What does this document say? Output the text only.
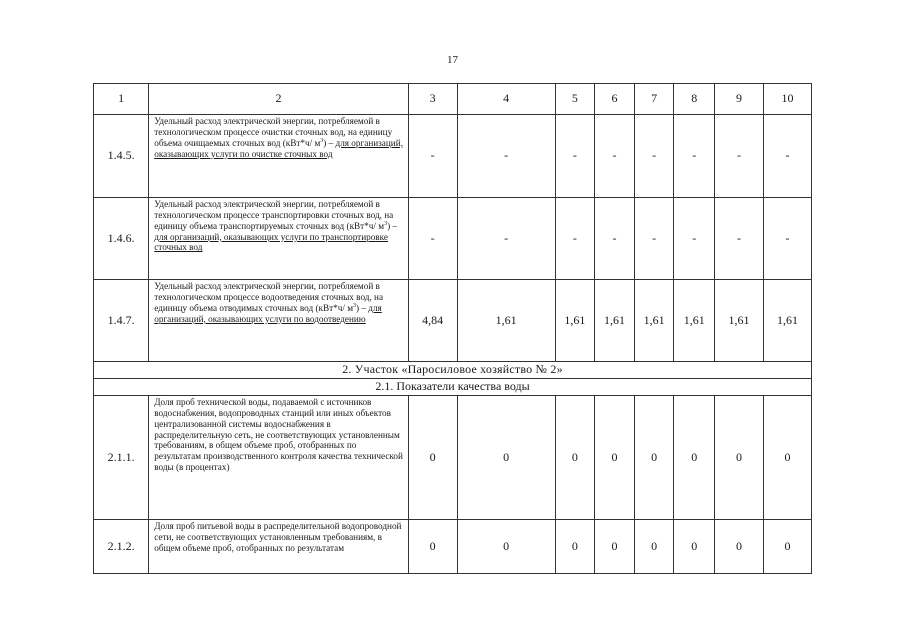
17
1	2	3	4	5	6	7	8	9	10
1.4.5.	Удельный расход электрической энергии, потребляемой в технологическом процессе очистки сточных вод, на единицу объема очищаемых сточных вод (кВт*ч/ $м^3$) – для организаций, оказывающих услуги по очистке сточных вод	-	-	-	-	-	-	-	-
1.4.6.	Удельный расход электрической энергии, потребляемой в технологическом процессе транспортировки сточных вод, на единицу объема транспортируемых сточных вод (кВт*ч/ $м^3$) – для организаций, оказывающих услуги по транспортировке сточных вод	-	-	-	-	-	-	-	-
1.4.7.	Удельный расход электрической энергии, потребляемой в технологическом процессе водоотведения сточных вод, на единицу объема отводимых сточных вод (кВт*ч/ $м^3$) – для организаций, оказывающих услуги по водоотведению	4,84	1,61	1,61	1,61	1,61	1,61	1,61	1,61
2. Участок «Паросиловое хозяйство № 2»									
2.1. Показатели качества воды									
2.1.1.	Доля проб технической воды, подаваемой с источников водоснабжения, водопроводных станций или иных объектов централизованной системы водоснабжения в распределительную сеть, не соответствующих установленным требованиям, в общем объеме проб, отобранных по результатам производственного контроля качества технической воды (в процентах)	0	0	0	0	0	0	0	0
2.1.2.	Доля проб питьевой воды в распределительной водопроводной сети, не соответствующих установленным требованиям, в общем объеме проб, отобранных по результатам	0	0	0	0	0	0	0	0
